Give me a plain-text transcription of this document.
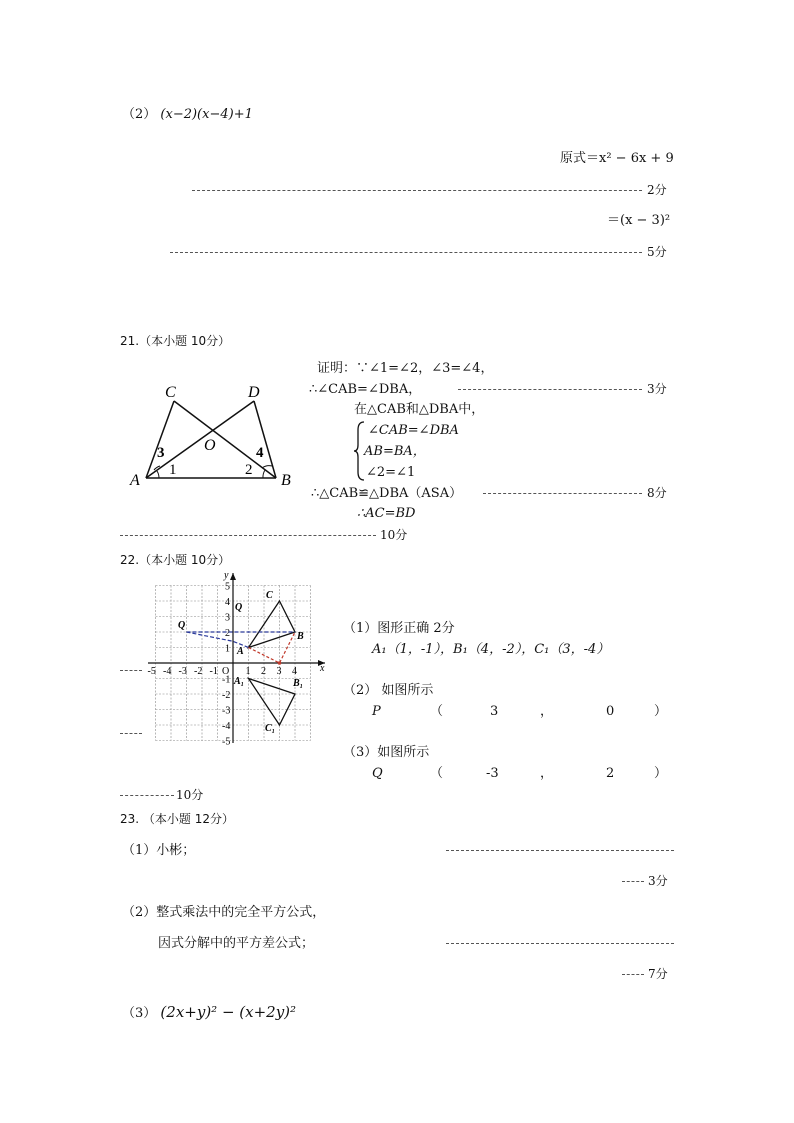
（2） (x−2)(x−4)+1
原式＝x² − 6x + 9
2分
＝(x − 3)²
5分
21.（本小题 10分）
C	D
O
A	B
3
1	2
4
证明：∵∠1=∠2，∠3=∠4，
∴∠CAB=∠DBA，	3分
在△CAB和△DBA中，
∠CAB=∠DBA
AB=BA，
∠2=∠1
∴△CAB≌△DBA（ASA）	8分
∴AC=BD
10分
22.（本小题 10分）
-5 -4 -3 -2 -1 O 1 2 3 4
5
4
3
2
1
-1
-2
-3
-4
-5
x
y
C
Q
Q
A
B
A₁	B₁
C₁
（1）图形正确 2分
A₁（1，-1），B₁（4，-2），C₁（3，-4）
（2） 如图所示
P	（	3	，	0	）
（3）如图所示
Q	（	-3	，	2	）
10分
23. （本小题 12分）
（1）小彬；
3分
（2）整式乘法中的完全平方公式，
因式分解中的平方差公式；
7分
（3） (2x+y)² − (x+2y)²
